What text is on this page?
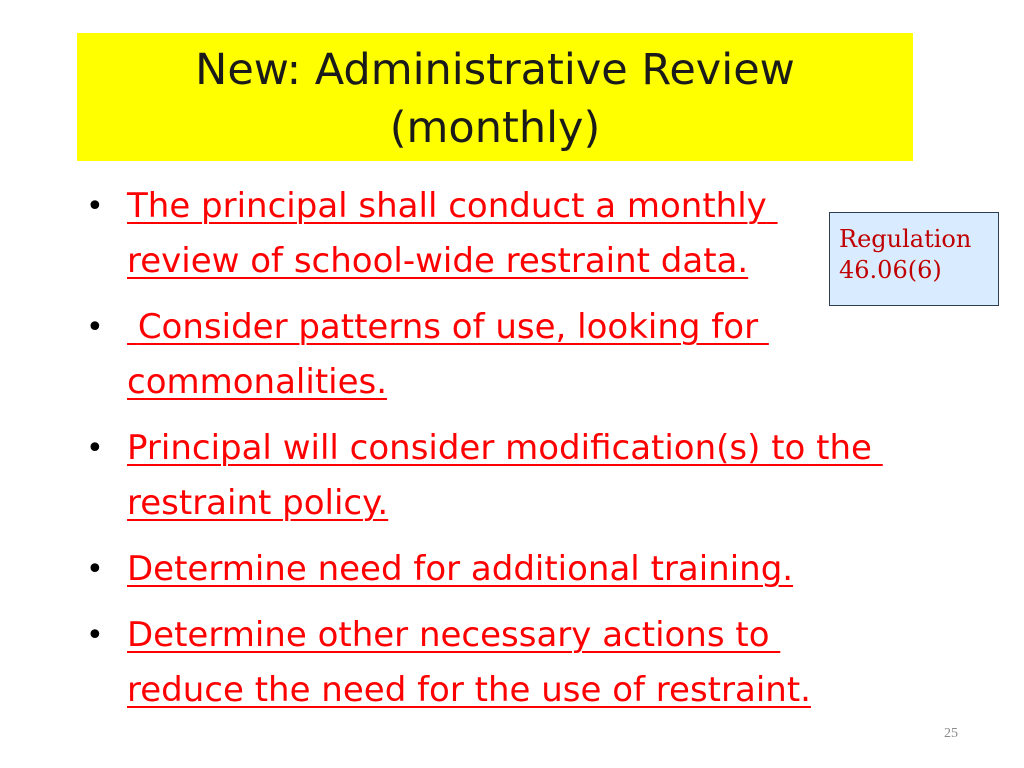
New: Administrative Review (monthly)
• The principal shall conduct a monthly review of school-wide restraint data.
• Consider patterns of use, looking for commonalities.
• Principal will consider modification(s) to the restraint policy.
• Determine need for additional training.
• Determine other necessary actions to reduce the need for the use of restraint.
Regulation
46.06(6)
25
